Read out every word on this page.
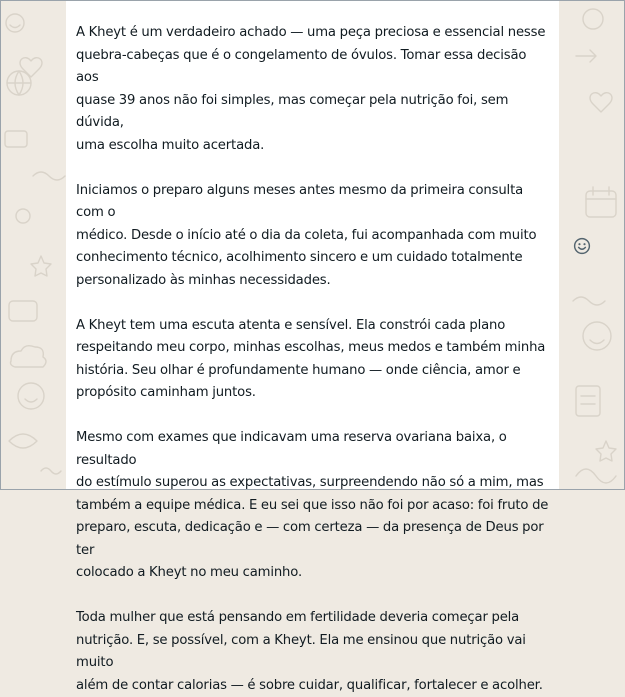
A Kheyt é um verdadeiro achado — uma peça preciosa e essencial nesse
quebra-cabeças que é o congelamento de óvulos. Tomar essa decisão aos
quase 39 anos não foi simples, mas começar pela nutrição foi, sem dúvida,
uma escolha muito acertada.

Iniciamos o preparo alguns meses antes mesmo da primeira consulta com o
médico. Desde o início até o dia da coleta, fui acompanhada com muito
conhecimento técnico, acolhimento sincero e um cuidado totalmente
personalizado às minhas necessidades.

A Kheyt tem uma escuta atenta e sensível. Ela constrói cada plano
respeitando meu corpo, minhas escolhas, meus medos e também minha
história. Seu olhar é profundamente humano — onde ciência, amor e
propósito caminham juntos.

Mesmo com exames que indicavam uma reserva ovariana baixa, o resultado
do estímulo superou as expectativas, surpreendendo não só a mim, mas
também a equipe médica. E eu sei que isso não foi por acaso: foi fruto de
preparo, escuta, dedicação e — com certeza — da presença de Deus por ter
colocado a Kheyt no meu caminho.

Toda mulher que está pensando em fertilidade deveria começar pela
nutrição. E, se possível, com a Kheyt. Ela me ensinou que nutrição vai muito
além de contar calorias — é sobre cuidar, qualificar, fortalecer e acolher.
